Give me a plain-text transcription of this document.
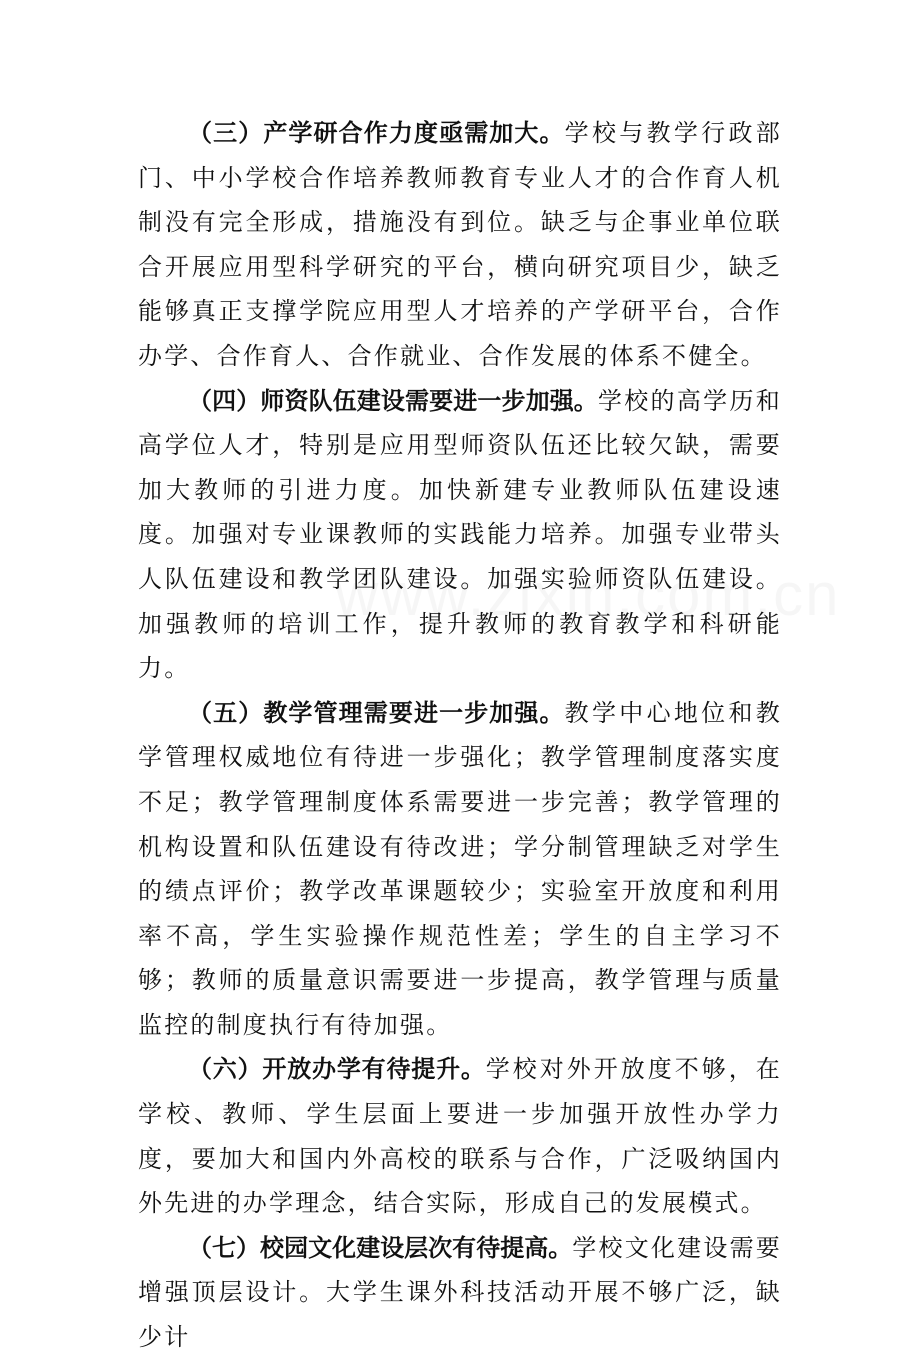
（三）产学研合作力度亟需加大。学校与教学行政部门、中小学校合作培养教师教育专业人才的合作育人机制没有完全形成，措施没有到位。缺乏与企事业单位联合开展应用型科学研究的平台，横向研究项目少，缺乏能够真正支撑学院应用型人才培养的产学研平台，合作办学、合作育人、合作就业、合作发展的体系不健全。

（四）师资队伍建设需要进一步加强。学校的高学历和高学位人才，特别是应用型师资队伍还比较欠缺，需要加大教师的引进力度。加快新建专业教师队伍建设速度。加强对专业课教师的实践能力培养。加强专业带头人队伍建设和教学团队建设。加强实验师资队伍建设。加强教师的培训工作，提升教师的教育教学和科研能力。

（五）教学管理需要进一步加强。教学中心地位和教学管理权威地位有待进一步强化；教学管理制度落实度不足；教学管理制度体系需要进一步完善；教学管理的机构设置和队伍建设有待改进；学分制管理缺乏对学生的绩点评价；教学改革课题较少；实验室开放度和利用率不高，学生实验操作规范性差；学生的自主学习不够；教师的质量意识需要进一步提高，教学管理与质量监控的制度执行有待加强。

（六）开放办学有待提升。学校对外开放度不够，在学校、教师、学生层面上要进一步加强开放性办学力度，要加大和国内外高校的联系与合作，广泛吸纳国内外先进的办学理念，结合实际，形成自己的发展模式。

（七）校园文化建设层次有待提高。学校文化建设需要增强顶层设计。大学生课外科技活动开展不够广泛，缺少计
